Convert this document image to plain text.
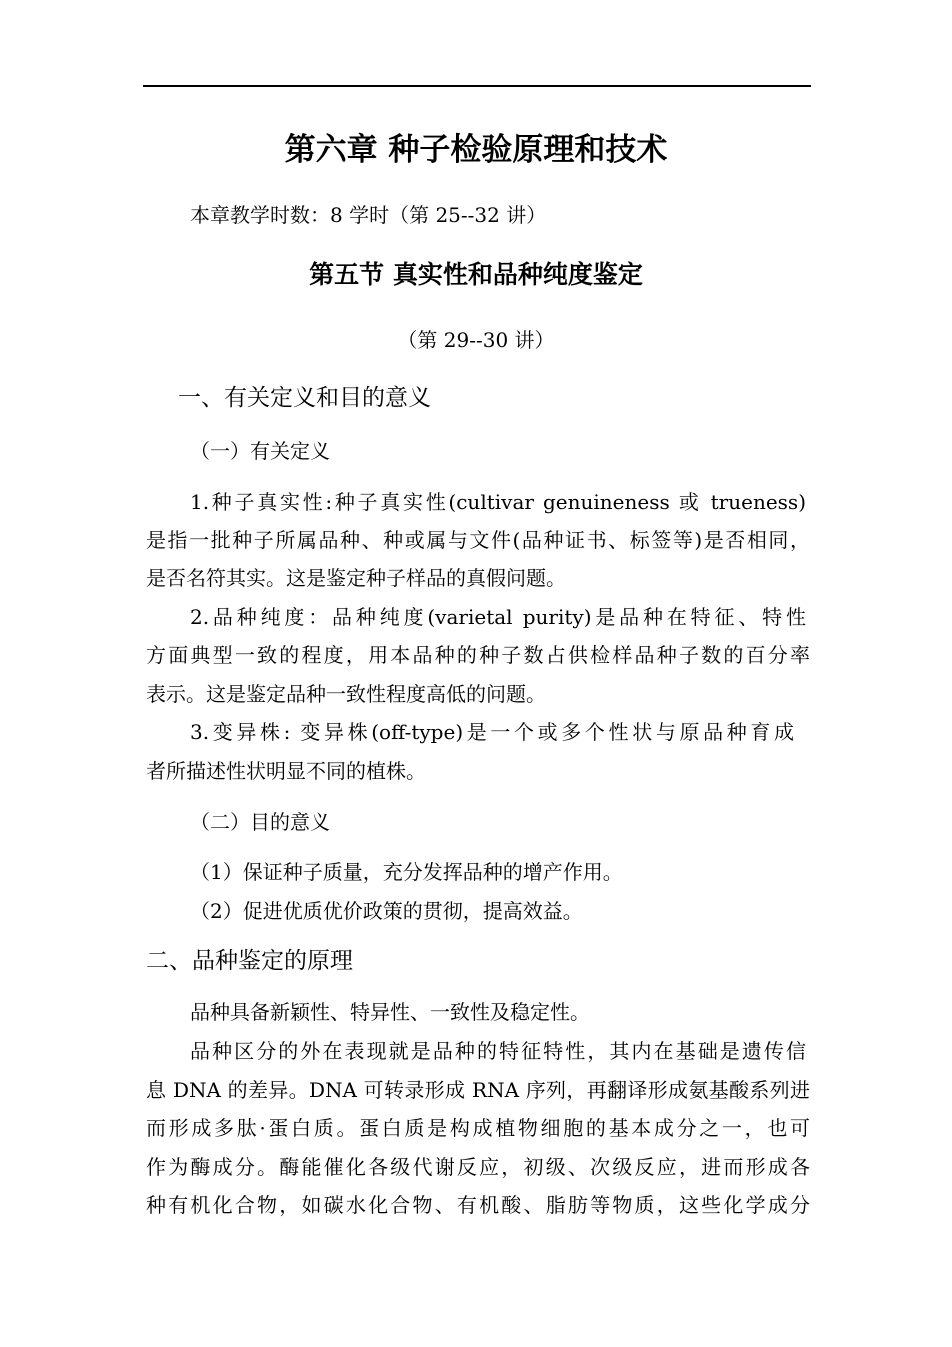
第六章 种子检验原理和技术
本章教学时数：8 学时（第 25--32 讲）
第五节 真实性和品种纯度鉴定
（第 29--30 讲）
一、有关定义和目的意义
（一）有关定义
1.种子真实性:种子真实性(cultivar genuineness 或 trueness)
是指一批种子所属品种、种或属与文件(品种证书、标签等)是否相同，
是否名符其实。这是鉴定种子样品的真假问题。
2.品种纯度：品种纯度(varietal purity)是品种在特征、特性
方面典型一致的程度，用本品种的种子数占供检样品种子数的百分率
表示。这是鉴定品种一致性程度高低的问题。
3.变异株: 变异株(off-type)是一个或多个性状与原品种育成
者所描述性状明显不同的植株。
（二）目的意义
（1）保证种子质量，充分发挥品种的增产作用。
（2）促进优质优价政策的贯彻，提高效益。
二、品种鉴定的原理
品种具备新颖性、特异性、一致性及稳定性。
品种区分的外在表现就是品种的特征特性，其内在基础是遗传信
息 DNA 的差异。DNA 可转录形成 RNA 序列，再翻译形成氨基酸系列进
而形成多肽·蛋白质。蛋白质是构成植物细胞的基本成分之一，也可
作为酶成分。酶能催化各级代谢反应，初级、次级反应，进而形成各
种有机化合物，如碳水化合物、有机酸、脂肪等物质，这些化学成分
